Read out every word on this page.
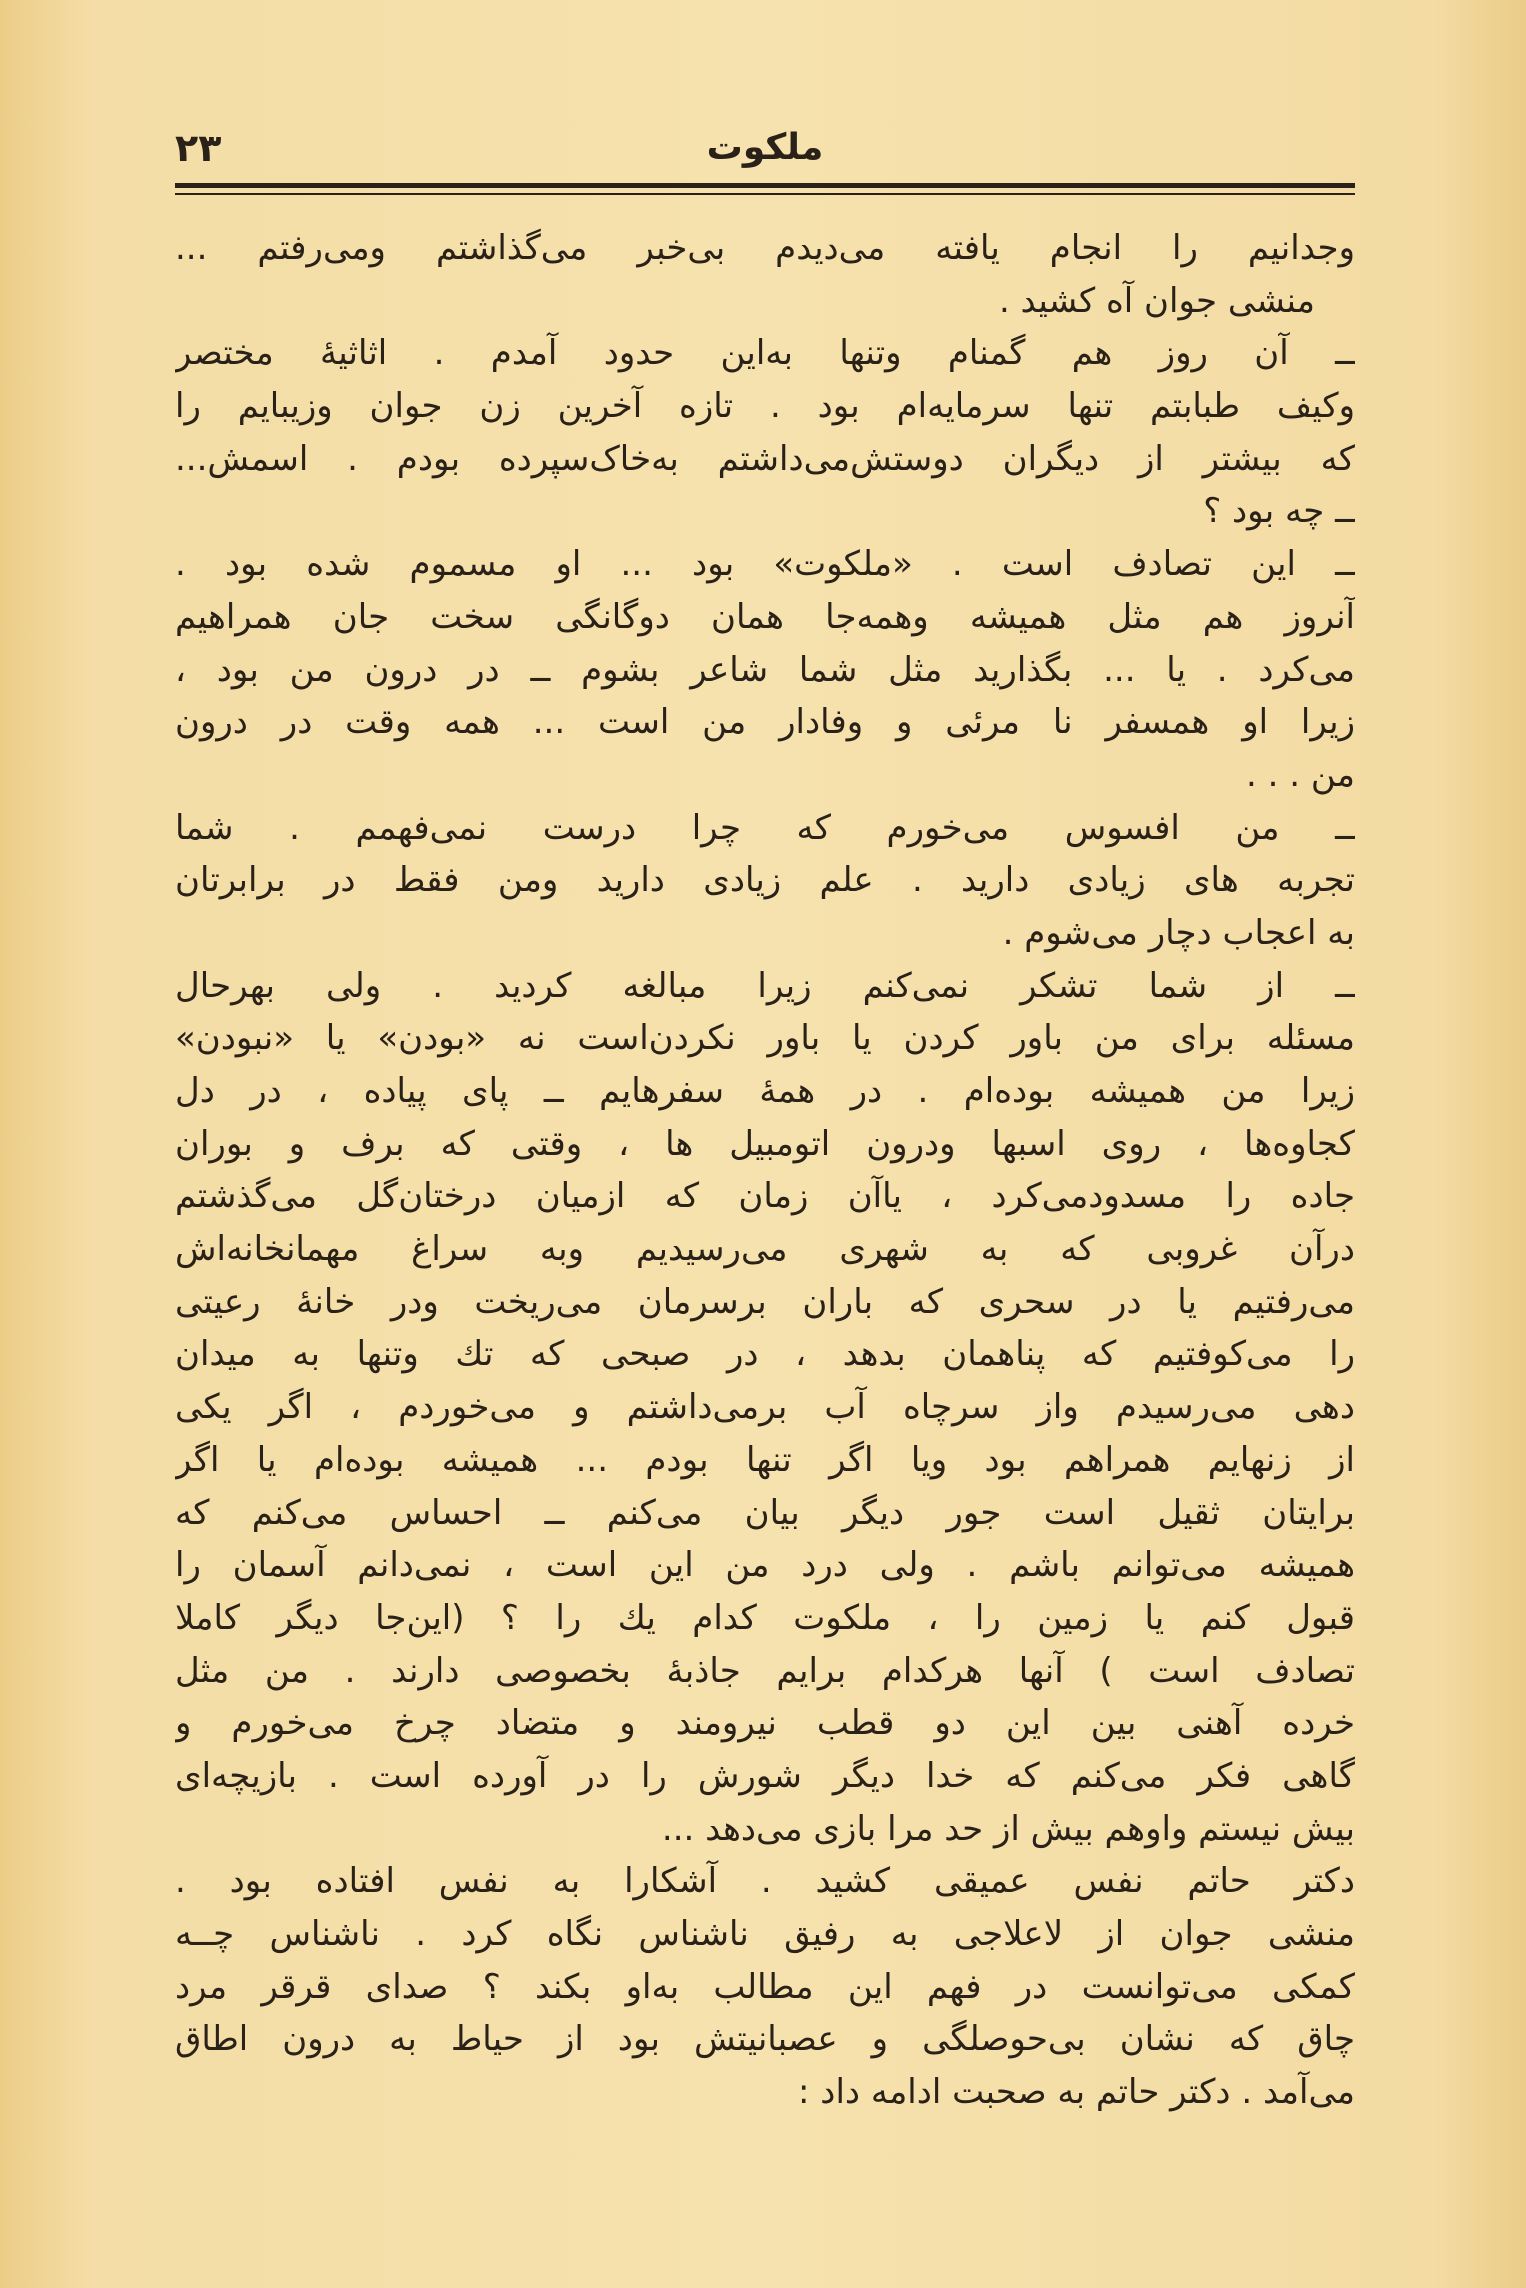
۲۳	ملکوت
وجدانیم را انجام یافته می‌دیدم بی‌خبر می‌گذاشتم ومی‌رفتم ...
منشی جوان آه کشید .
ــ آن روز هم گمنام وتنها به‌این حدود آمدم . اثاثیهٔ مختصر
وکیف طبابتم تنها سرمایه‌ام بود . تازه آخرین زن جوان وزیبایم را
که بیشتر از دیگران دوستش‌می‌داشتم به‌خاک‌سپرده بودم . اسمش...
ــ چه بود ؟
ــ این تصادف است . «ملکوت» بود ... او مسموم شده بود .
آنروز هم مثل همیشه وهمه‌جا همان دوگانگی سخت جان همراهیم
می‌کرد . یا ... بگذارید مثل شما شاعر بشوم ــ در درون من بود ،
زیرا او همسفر نا مرئی و وفادار من است ... همه وقت در درون
من . . .
ــ من افسوس می‌خورم که چرا درست نمی‌فهمم . شما
تجربه های زیادی دارید . علم زیادی دارید ومن فقط در برابرتان
به اعجاب دچار می‌شوم .
ــ از شما تشکر نمی‌کنم زیرا مبالغه کردید . ولی بهرحال
مسئله برای من باور کردن یا باور نکردن‌است نه «بودن» یا «نبودن»
زیرا من همیشه بوده‌ام . در همهٔ سفرهایم ــ پای پیاده ، در دل
کجاوه‌ها ، روی اسبها ودرون اتومبیل ها ، وقتی که برف و بوران
جاده را مسدودمی‌کرد ، یاآن زمان که ازمیان درختان‌گل می‌گذشتم
درآن غروبی که به شهری می‌رسیدیم وبه سراغ مهمانخانه‌اش
می‌رفتیم یا در سحری که باران برسرمان می‌ریخت ودر خانهٔ رعیتی
را می‌کوفتیم که پناهمان بدهد ، در صبحی که تك وتنها به میدان
دهی می‌رسیدم واز سرچاه آب برمی‌داشتم و می‌خوردم ، اگر یکی
از زنهایم همراهم بود ویا اگر تنها بودم ... همیشه بوده‌ام یا اگر
برایتان ثقیل است جور دیگر بیان می‌کنم ــ احساس می‌کنم که
همیشه می‌توانم باشم . ولی درد من این است ، نمی‌دانم آسمان را
قبول کنم یا زمین را ، ملکوت کدام یك را ؟ (این‌جا دیگر کاملا
تصادف است ) آنها هرکدام برایم جاذبهٔ بخصوصی دارند . من مثل
خرده آهنی بین این دو قطب نیرومند و متضاد چرخ می‌خورم و
گاهی فکر می‌کنم که خدا دیگر شورش را در آورده است . بازیچه‌ای
بیش نیستم واوهم بیش از حد مرا بازی می‌دهد ...
دکتر حاتم نفس عمیقی کشید . آشکارا به نفس افتاده بود .
منشی جوان از لاعلاجی به رفیق ناشناس نگاه کرد . ناشناس چــه
کمکی می‌توانست در فهم این مطالب به‌او بکند ؟ صدای قرقر مرد
چاق که نشان بی‌حوصلگی و عصبانیتش بود از حیاط به درون اطاق
می‌آمد . دکتر حاتم به صحبت ادامه داد :
